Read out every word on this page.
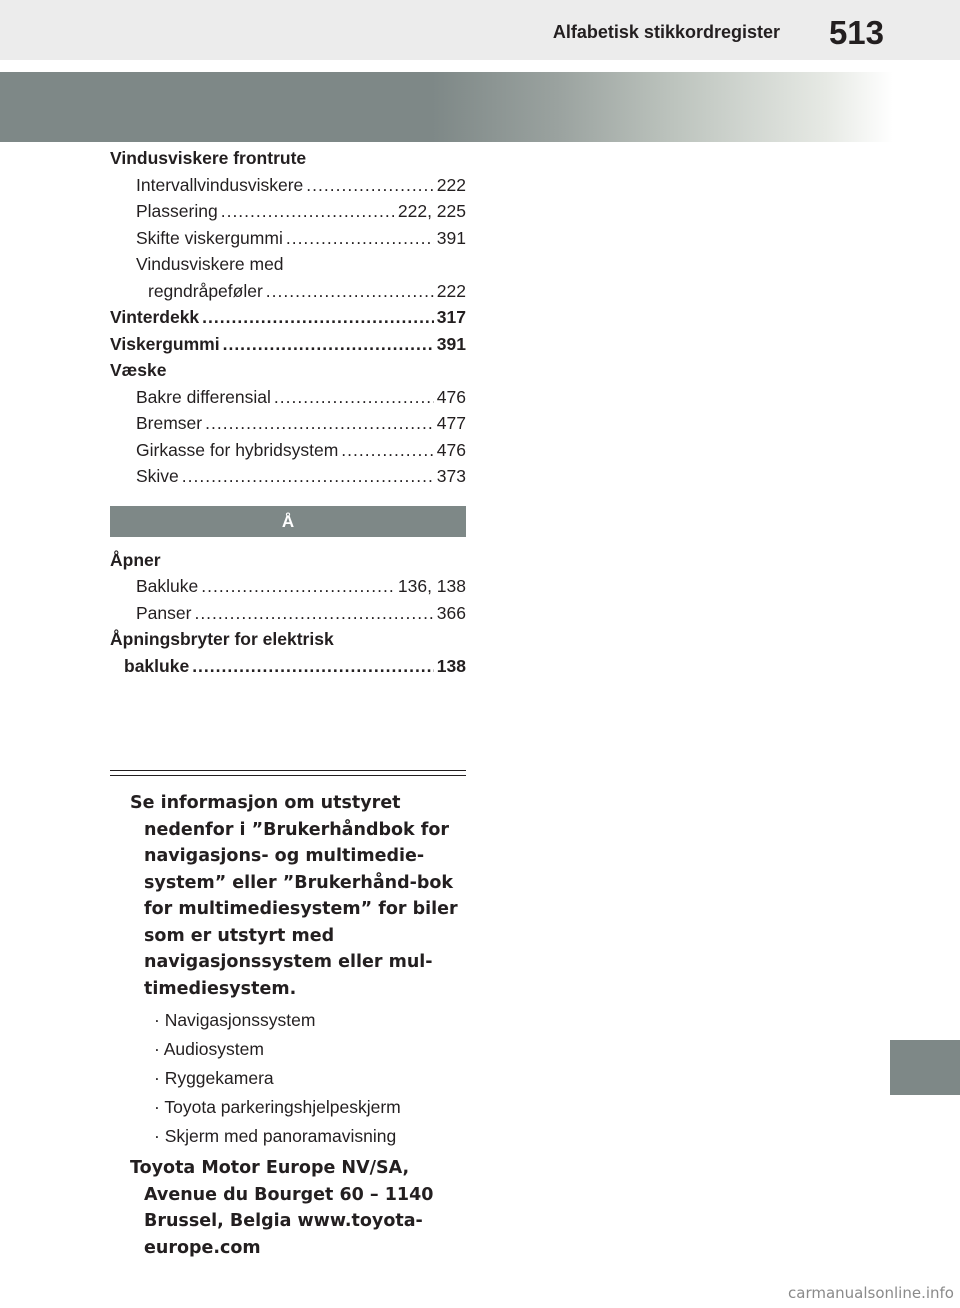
Alfabetisk stikkordregister 513
Vindusviskere frontrute
Intervallvindusviskere .....	222
Plassering .....	222, 225
Skifte viskergummi .....	391
Vindusviskere med
regndråpeføler .....	222
Vinterdekk .....	317
Viskergummi .....	391
Væske
Bakre differensial .....	476
Bremser .....	477
Girkasse for hybridsystem .....	476
Skive .....	373
Å
Åpner
Bakluke .....	136, 138
Panser .....	366
Åpningsbryter for elektrisk
bakluke .....	138
Se informasjon om utstyret nedenfor i ”Brukerhåndbok for navigasjons- og multimedie-system” eller ”Brukerhånd-bok for multimediesystem” for biler som er utstyrt med navigasjonssystem eller mul-timediesystem.
· Navigasjonssystem
· Audiosystem
· Ryggekamera
· Toyota parkeringshjelpeskjerm
· Skjerm med panoramavisning
Toyota Motor Europe NV/SA, Avenue du Bourget 60 – 1140 Brussel, Belgia www.toyota-europe.com
carmanualsonline.info
